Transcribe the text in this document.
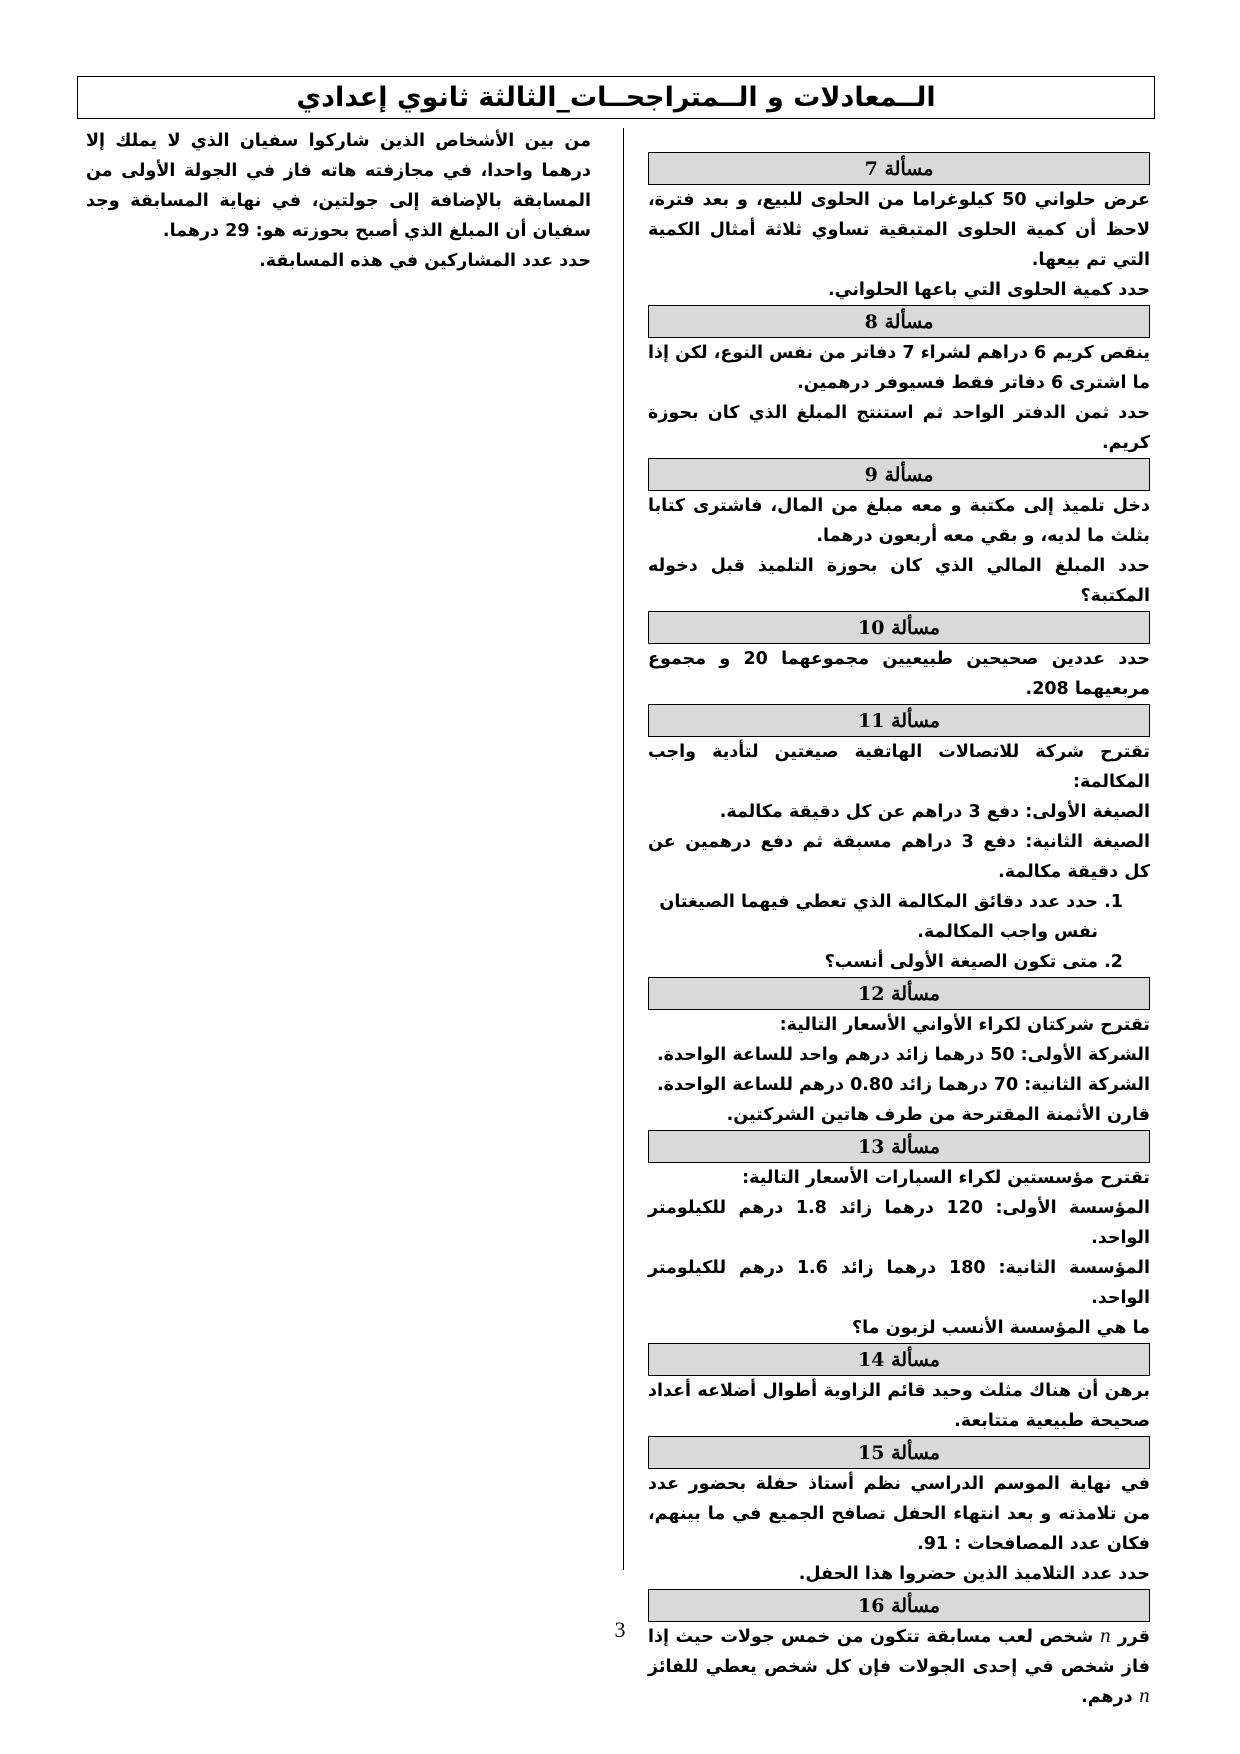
الــمعادلات و الــمتراجحــات_الثالثة ثانوي إعدادي

من بين الأشخاص الذين شاركوا سفيان الذي لا يملك إلا درهما واحدا، في مجازفته هاته فاز في الجولة الأولى من المسابقة بالإضافة إلى جولتين، في نهاية المسابقة وجد سفيان أن المبلغ الذي أصبح بحوزته هو: 29 درهما.

حدد عدد المشاركين في هذه المسابقة.

مسألة 7

عرض حلواني 50 كيلوغراما من الحلوى للبيع، و بعد فترة، لاحظ أن كمية الحلوى المتبقية تساوي ثلاثة أمثال الكمية التي تم بيعها.

حدد كمية الحلوى التي باعها الحلواني.

مسألة 8

ينقص كريم 6 دراهم لشراء 7 دفاتر من نفس النوع، لكن إذا ما اشترى 6 دفاتر فقط فسيوفر درهمين.

حدد ثمن الدفتر الواحد ثم استنتج المبلغ الذي كان بحوزة كريم.

مسألة 9

دخل تلميذ إلى مكتبة و معه مبلغ من المال، فاشترى كتابا بثلث ما لديه، و بقي معه أربعون درهما.

حدد المبلغ المالي الذي كان بحوزة التلميذ قبل دخوله المكتبة؟

مسألة 10

حدد عددين صحيحين طبيعيين مجموعهما 20 و مجموع مربعيهما 208.

مسألة 11

تقترح شركة للاتصالات الهاتفية صيغتين لتأدية واجب المكالمة:

الصيغة الأولى: دفع 3 دراهم عن كل دقيقة مكالمة.

الصيغة الثانية: دفع 3 دراهم مسبقة ثم دفع درهمين عن كل دقيقة مكالمة.

1. حدد عدد دقائق المكالمة الذي تعطي فيهما الصيغتان نفس واجب المكالمة.
2. متى تكون الصيغة الأولى أنسب؟
مسألة 12

تقترح شركتان لكراء الأواني الأسعار التالية:

الشركة الأولى: 50 درهما زائد درهم واحد للساعة الواحدة.

الشركة الثانية: 70 درهما زائد 0.80 درهم للساعة الواحدة.

قارن الأثمنة المقترحة من طرف هاتين الشركتين.

مسألة 13

تقترح مؤسستين لكراء السيارات الأسعار التالية:

المؤسسة الأولى: 120 درهما زائد 1.8 درهم للكيلومتر الواحد.

المؤسسة الثانية: 180 درهما زائد 1.6 درهم للكيلومتر الواحد.

ما هي المؤسسة الأنسب لزبون ما؟

مسألة 14

برهن أن هناك مثلث وحيد قائم الزاوية أطوال أضلاعه أعداد صحيحة طبيعية متتابعة.

مسألة 15

في نهاية الموسم الدراسي نظم أستاذ حفلة بحضور عدد من تلامذته و بعد انتهاء الحفل تصافح الجميع في ما بينهم، فكان عدد المصافحات : 91.

حدد عدد التلاميذ الذين حضروا هذا الحفل.

مسألة 16

قرر n شخص لعب مسابقة تتكون من خمس جولات حيث إذا فاز شخص في إحدى الجولات فإن كل شخص يعطي للفائز n درهم.

3
